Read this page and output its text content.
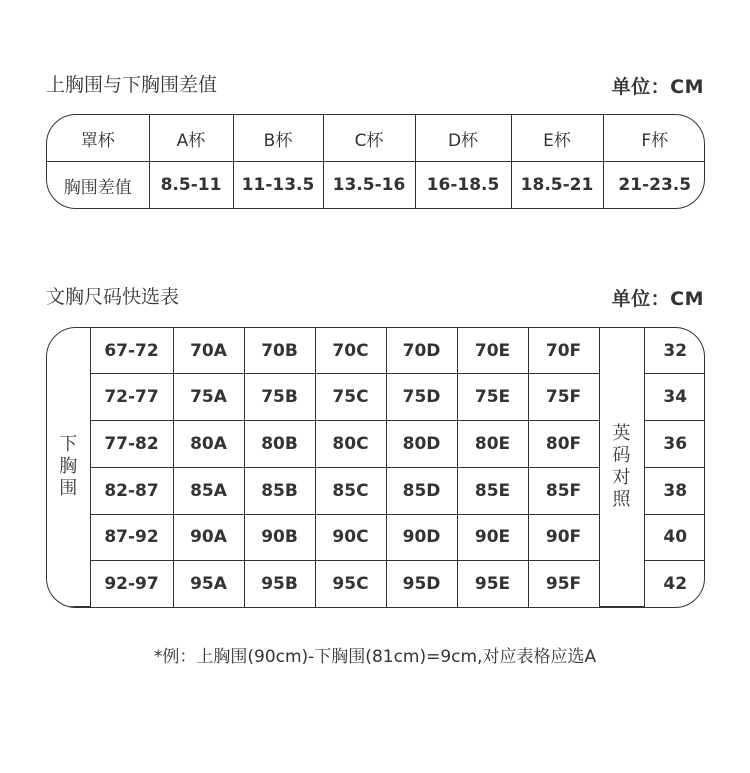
上胸围与下胸围差值	单位：CM
罩杯	A杯	B杯	C杯	D杯	E杯	F杯
胸围差值	8.5-11	11-13.5	13.5-16	16-18.5	18.5-21	21-23.5
文胸尺码快选表	单位：CM
下胸围	67-72	70A	70B	70C	70D	70E	70F	英码对照	32
	72-77	75A	75B	75C	75D	75E	75F		34
	77-82	80A	80B	80C	80D	80E	80F		36
	82-87	85A	85B	85C	85D	85E	85F		38
	87-92	90A	90B	90C	90D	90E	90F		40
	92-97	95A	95B	95C	95D	95E	95F		42
*例：上胸围(90cm)-下胸围(81cm)=9cm,对应表格应选A
